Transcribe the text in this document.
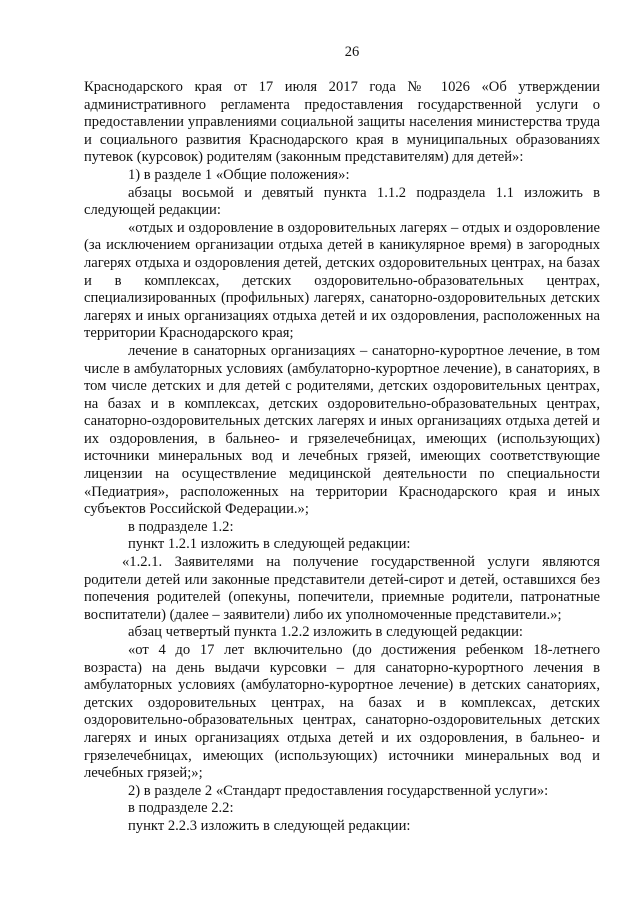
26

Краснодарского края от 17 июля 2017 года № 1026 «Об утверждении административного регламента предоставления государственной услуги о предоставлении управлениями социальной защиты населения министерства труда и социального развития Краснодарского края в муниципальных образованиях путевок (курсовок) родителям (законным представителям) для детей»:

1) в разделе 1 «Общие положения»:

абзацы восьмой и девятый пункта 1.1.2 подраздела 1.1 изложить в следующей редакции:

«отдых и оздоровление в оздоровительных лагерях – отдых и оздоровление (за исключением организации отдыха детей в каникулярное время) в загородных лагерях отдыха и оздоровления детей, детских оздоровительных центрах, на базах и в комплексах, детских оздоровительно-образовательных центрах, специализированных (профильных) лагерях, санаторно-оздоровительных детских лагерях и иных организациях отдыха детей и их оздоровления, расположенных на территории Краснодарского края;

лечение в санаторных организациях – санаторно-курортное лечение, в том числе в амбулаторных условиях (амбулаторно-курортное лечение), в санаториях, в том числе детских и для детей с родителями, детских оздоровительных центрах, на базах и в комплексах, детских оздоровительно-образовательных центрах, санаторно-оздоровительных детских лагерях и иных организациях отдыха детей и их оздоровления, в бальнео- и грязелечебницах, имеющих (использующих) источники минеральных вод и лечебных грязей, имеющих соответствующие лицензии на осуществление медицинской деятельности по специальности «Педиатрия», расположенных на территории Краснодарского края и иных субъектов Российской Федерации.»;

в подразделе 1.2:

пункт 1.2.1 изложить в следующей редакции:

«1.2.1. Заявителями на получение государственной услуги являются родители детей или законные представители детей-сирот и детей, оставшихся без попечения родителей (опекуны, попечители, приемные родители, патронатные воспитатели) (далее – заявители) либо их уполномоченные представители.»;

абзац четвертый пункта 1.2.2 изложить в следующей редакции:

«от 4 до 17 лет включительно (до достижения ребенком 18-летнего возраста) на день выдачи курсовки – для санаторно-курортного лечения в амбулаторных условиях (амбулаторно-курортное лечение) в детских санаториях, детских оздоровительных центрах, на базах и в комплексах, детских оздоровительно-образовательных центрах, санаторно-оздоровительных детских лагерях и иных организациях отдыха детей и их оздоровления, в бальнео- и грязелечебницах, имеющих (использующих) источники минеральных вод и лечебных грязей;»;

2) в разделе 2 «Стандарт предоставления государственной услуги»:

в подразделе 2.2:

пункт 2.2.3 изложить в следующей редакции:
